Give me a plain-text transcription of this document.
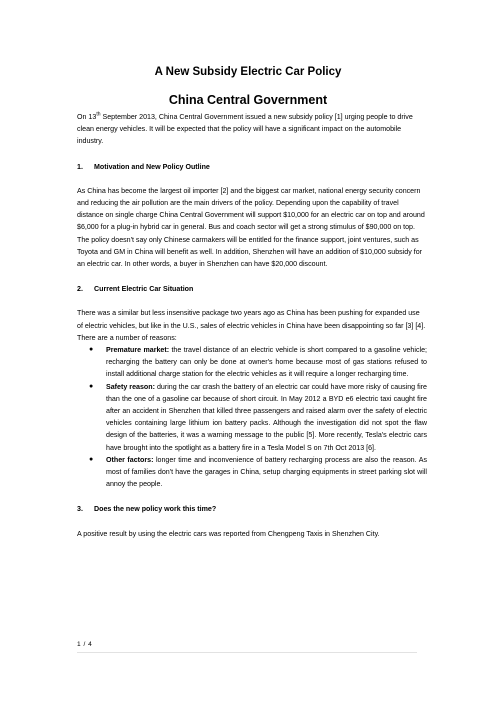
A New Subsidy Electric Car Policy
China Central Government

On 13th September 2013, China Central Government issued a new subsidy policy [1] urging people to drive clean energy vehicles. It will be expected that the policy will have a significant impact on the automobile industry.

1. Motivation and New Policy Outline

As China has become the largest oil importer [2] and the biggest car market, national energy security concern and reducing the air pollution are the main drivers of the policy. Depending upon the capability of travel distance on single charge China Central Government will support $10,000 for an electric car on top and around $6,000 for a plug-in hybrid car in general. Bus and coach sector will get a strong stimulus of $90,000 on top.

The policy doesn't say only Chinese carmakers will be entitled for the finance support, joint ventures, such as Toyota and GM in China will benefit as well. In addition, Shenzhen will have an addition of $10,000 subsidy for an electric car. In other words, a buyer in Shenzhen can have $20,000 discount.

2. Current Electric Car Situation

There was a similar but less insensitive package two years ago as China has been pushing for expanded use of electric vehicles, but like in the U.S., sales of electric vehicles in China have been disappointing so far [3] [4]. There are a number of reasons:

● Premature market: the travel distance of an electric vehicle is short compared to a gasoline vehicle; recharging the battery can only be done at owner's home because most of gas stations refused to install additional charge station for the electric vehicles as it will require a longer recharging time.
● Safety reason: during the car crash the battery of an electric car could have more risky of causing fire than the one of a gasoline car because of short circuit. In May 2012 a BYD e6 electric taxi caught fire after an accident in Shenzhen that killed three passengers and raised alarm over the safety of electric vehicles containing large lithium ion battery packs. Although the investigation did not spot the flaw design of the batteries, it was a warning message to the public [5]. More recently, Tesla's electric cars have brought into the spotlight as a battery fire in a Tesla Model S on 7th Oct 2013 [6].
● Other factors: longer time and inconvenience of battery recharging process are also the reason. As most of families don't have the garages in China, setup charging equipments in street parking slot will annoy the people.
3. Does the new policy work this time?

A positive result by using the electric cars was reported from Chengpeng Taxis in Shenzhen City.

1 / 4
